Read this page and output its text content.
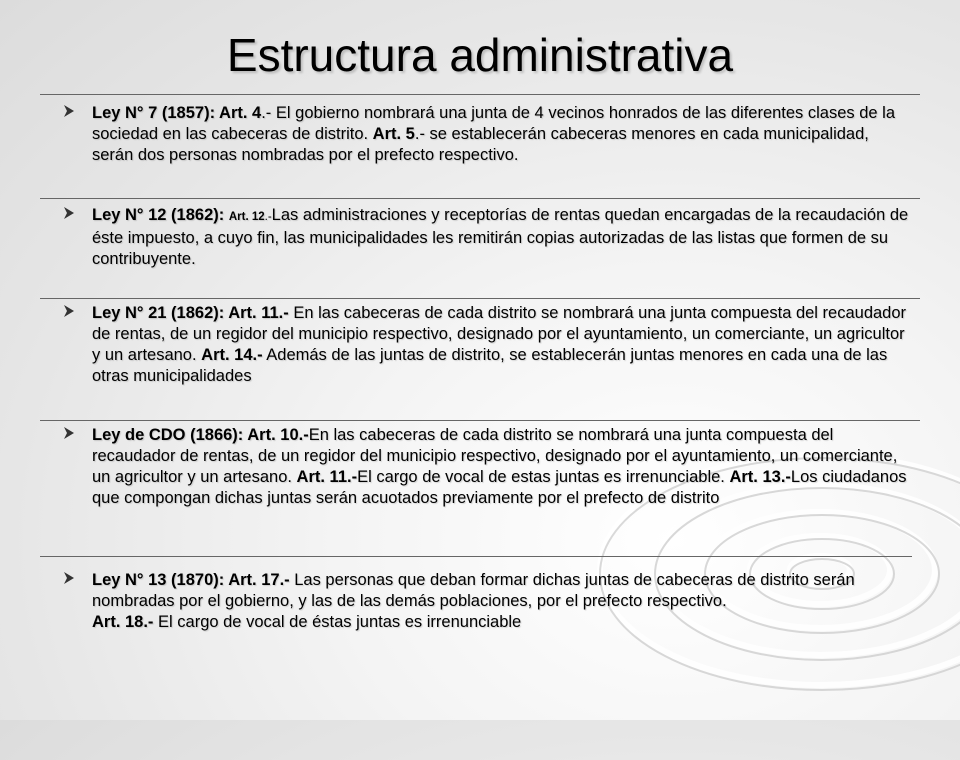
Estructura administrativa
Ley N° 7 (1857): Art. 4.- El gobierno nombrará una junta de 4 vecinos honrados de las diferentes clases de la sociedad en las cabeceras de distrito. Art. 5.- se establecerán cabeceras menores en cada municipalidad, serán dos personas nombradas por el prefecto respectivo.
Ley N° 12 (1862): Art. 12.-Las administraciones y receptorías de rentas quedan encargadas de la recaudación de éste impuesto, a cuyo fin, las municipalidades les remitirán copias autorizadas de las listas que formen de su contribuyente.
Ley N° 21 (1862): Art. 11.- En las cabeceras de cada distrito se nombrará una junta compuesta del recaudador de rentas, de un regidor del municipio respectivo, designado por el ayuntamiento, un comerciante, un agricultor y un artesano. Art. 14.- Además de las juntas de distrito, se establecerán juntas menores en cada una de las otras municipalidades
Ley de CDO (1866): Art. 10.-En las cabeceras de cada distrito se nombrará una junta compuesta del recaudador de rentas, de un regidor del municipio respectivo, designado por el ayuntamiento, un comerciante, un agricultor y un artesano. Art. 11.-El cargo de vocal de estas juntas es irrenunciable. Art. 13.-Los ciudadanos que compongan dichas juntas serán acuotados previamente por el prefecto de distrito
Ley N° 13 (1870): Art. 17.- Las personas que deban formar dichas juntas de cabeceras de distrito serán nombradas por el gobierno, y las de las demás poblaciones, por el prefecto respectivo.
Art. 18.- El cargo de vocal de éstas juntas es irrenunciable
